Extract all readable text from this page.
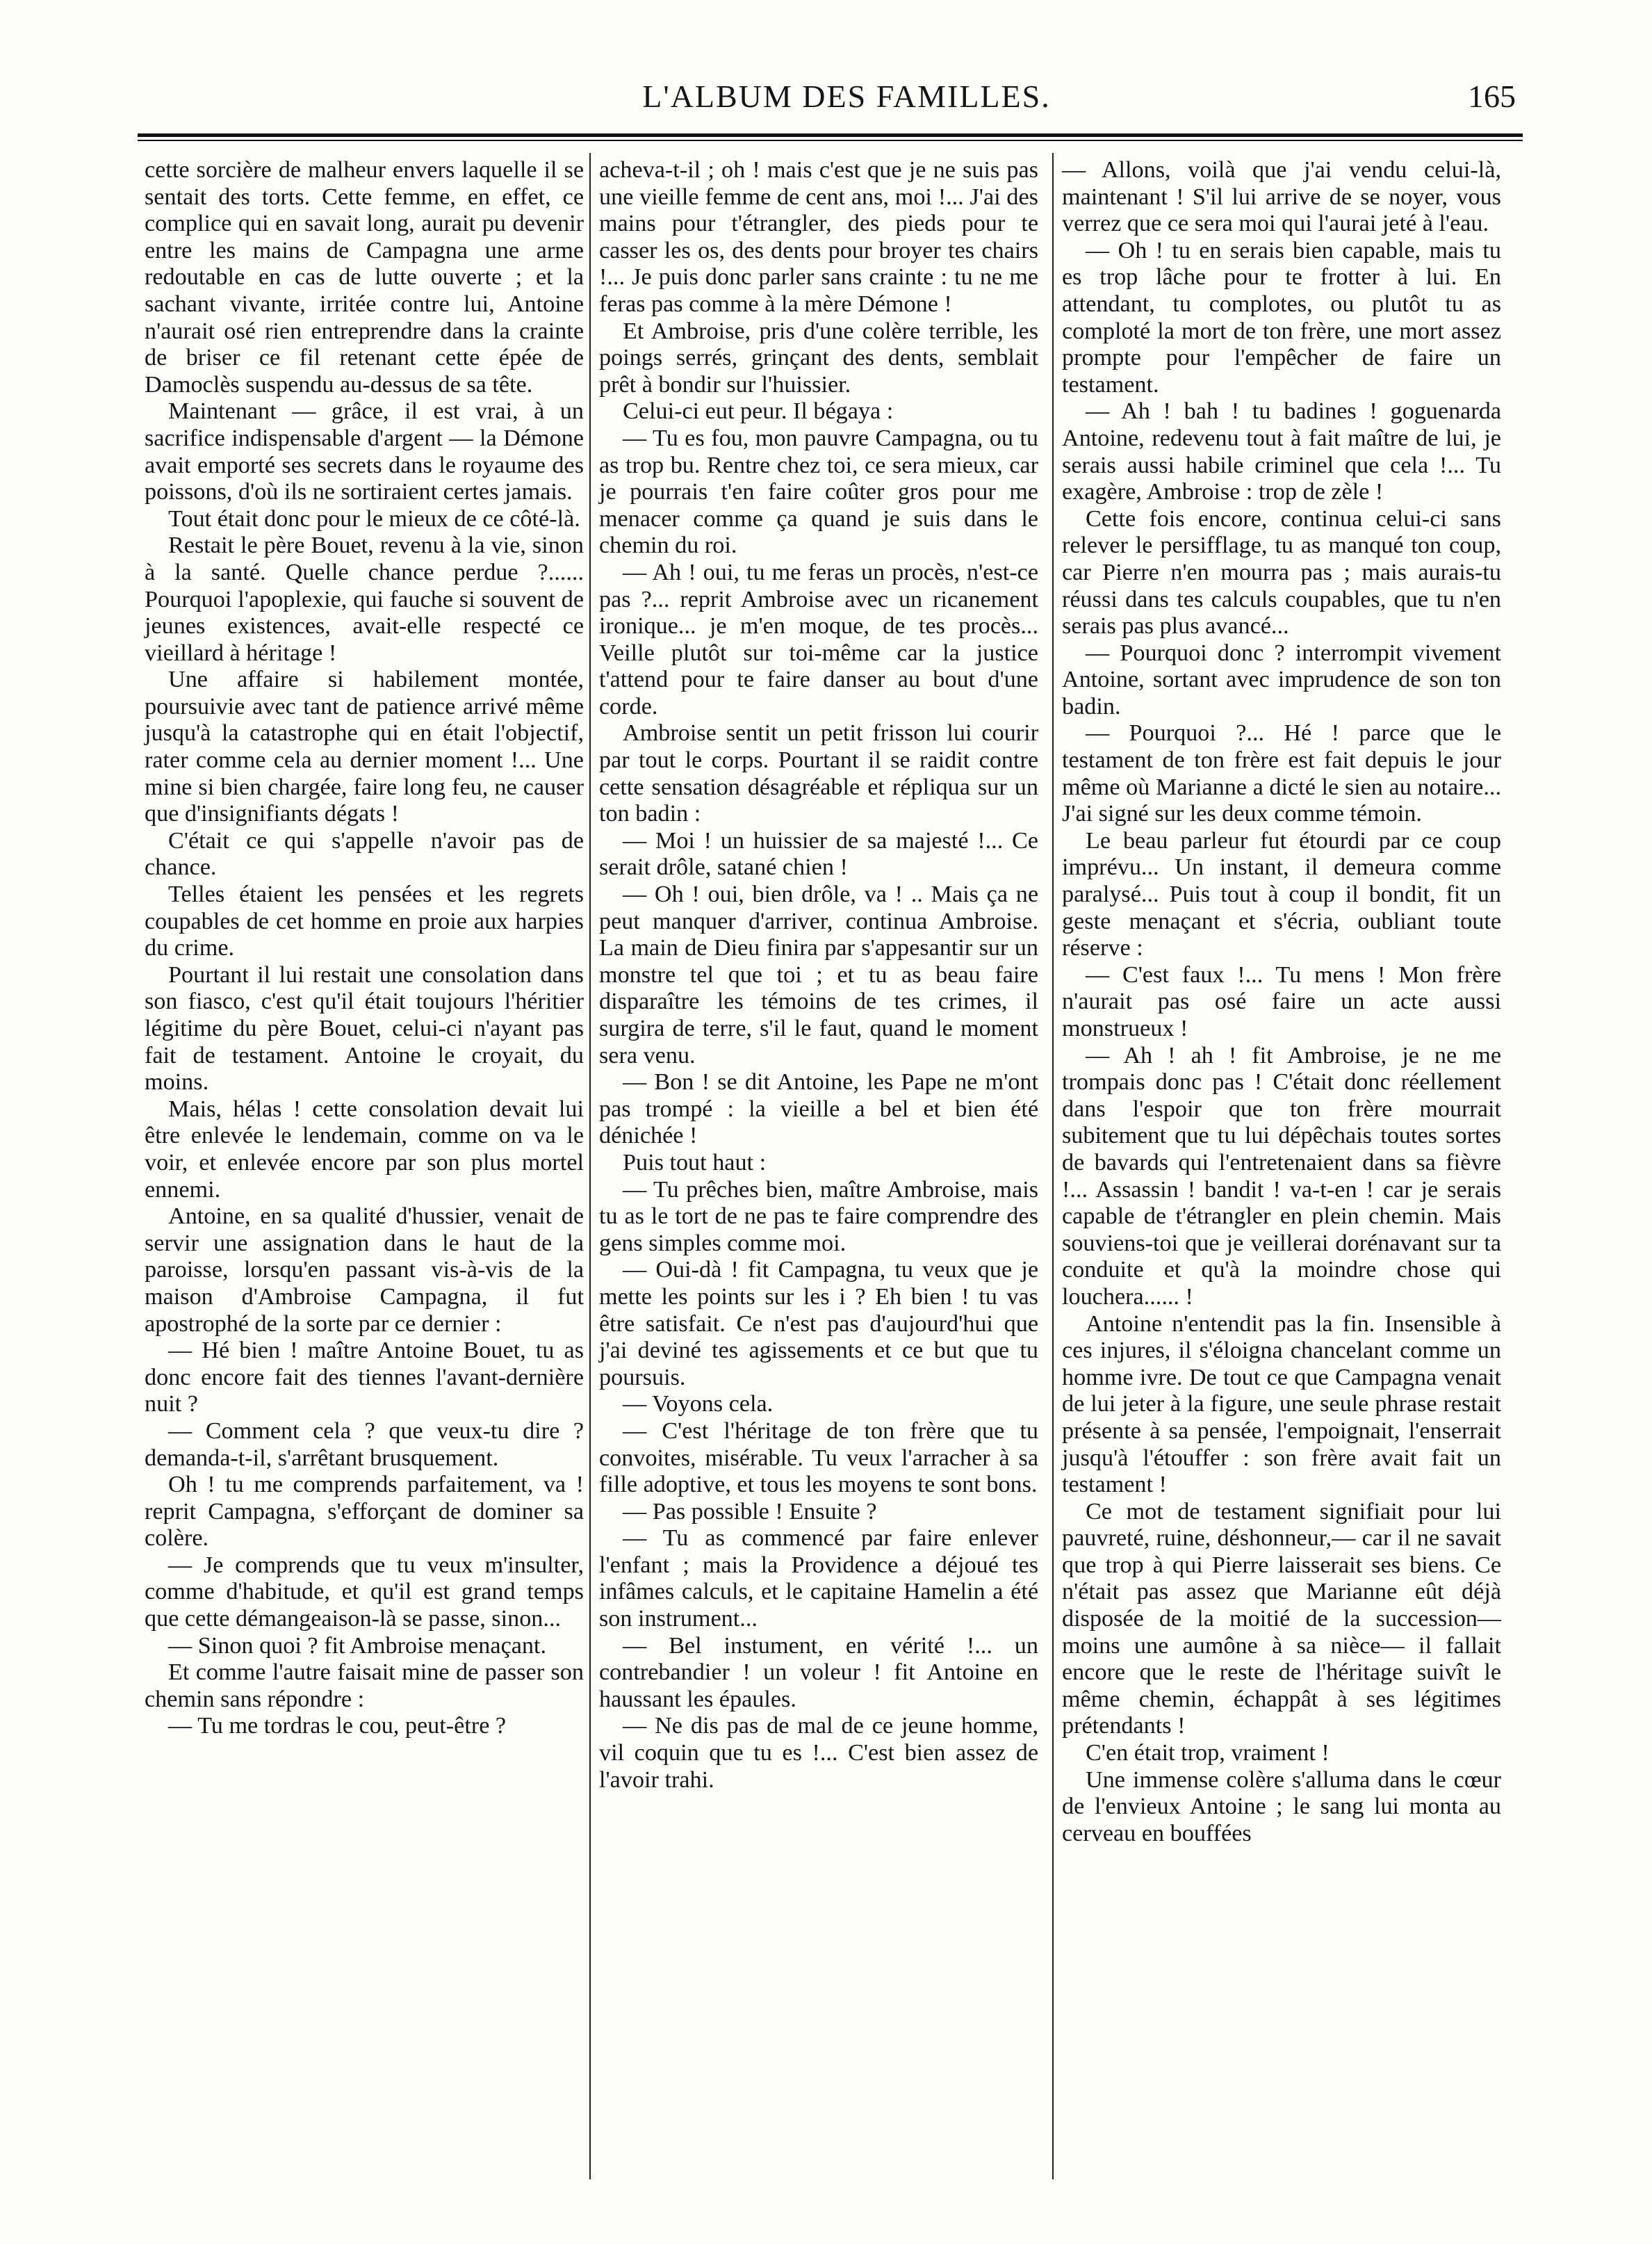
L'ALBUM DES FAMILLES.	165

cette sorcière de malheur envers laquelle il se sentait des torts. Cette femme, en effet, ce complice qui en savait long, aurait pu devenir entre les mains de Campagna une arme redoutable en cas de lutte ouverte ; et la sachant vivante, irritée contre lui, Antoine n'aurait osé rien entreprendre dans la crainte de briser ce fil retenant cette épée de Damoclès suspendu au-dessus de sa tête.

Maintenant — grâce, il est vrai, à un sacrifice indispensable d'argent — la Démone avait emporté ses secrets dans le royaume des poissons, d'où ils ne sortiraient certes jamais.

Tout était donc pour le mieux de ce côté-là.

Restait le père Bouet, revenu à la vie, sinon à la santé. Quelle chance perdue ?...... Pourquoi l'apoplexie, qui fauche si souvent de jeunes existences, avait-elle respecté ce vieillard à héritage !

Une affaire si habilement montée, poursuivie avec tant de patience arrivé même jusqu'à la catastrophe qui en était l'objectif, rater comme cela au dernier moment !... Une mine si bien chargée, faire long feu, ne causer que d'insignifiants dégats !

C'était ce qui s'appelle n'avoir pas de chance.

Telles étaient les pensées et les regrets coupables de cet homme en proie aux harpies du crime.

Pourtant il lui restait une consolation dans son fiasco, c'est qu'il était toujours l'héritier légitime du père Bouet, celui-ci n'ayant pas fait de testament. Antoine le croyait, du moins.

Mais, hélas ! cette consolation devait lui être enlevée le lendemain, comme on va le voir, et enlevée encore par son plus mortel ennemi.

Antoine, en sa qualité d'hussier, venait de servir une assignation dans le haut de la paroisse, lorsqu'en passant vis-à-vis de la maison d'Ambroise Campagna, il fut apostrophé de la sorte par ce dernier :

— Hé bien ! maître Antoine Bouet, tu as donc encore fait des tiennes l'avant-dernière nuit ?

— Comment cela ? que veux-tu dire ? demanda-t-il, s'arrêtant brusquement.

Oh ! tu me comprends parfaitement, va ! reprit Campagna, s'efforçant de dominer sa colère.

— Je comprends que tu veux m'insulter, comme d'habitude, et qu'il est grand temps que cette démangeaison-là se passe, sinon...

— Sinon quoi ? fit Ambroise menaçant.

Et comme l'autre faisait mine de passer son chemin sans répondre :

— Tu me tordras le cou, peut-être ?

acheva-t-il ; oh ! mais c'est que je ne suis pas une vieille femme de cent ans, moi !... J'ai des mains pour t'étrangler, des pieds pour te casser les os, des dents pour broyer tes chairs !... Je puis donc parler sans crainte : tu ne me feras pas comme à la mère Démone !

Et Ambroise, pris d'une colère terrible, les poings serrés, grinçant des dents, semblait prêt à bondir sur l'huissier.

Celui-ci eut peur. Il bégaya :

— Tu es fou, mon pauvre Campagna, ou tu as trop bu. Rentre chez toi, ce sera mieux, car je pourrais t'en faire coûter gros pour me menacer comme ça quand je suis dans le chemin du roi.

— Ah ! oui, tu me feras un procès, n'est-ce pas ?... reprit Ambroise avec un ricanement ironique... je m'en moque, de tes procès... Veille plutôt sur toi-même car la justice t'attend pour te faire danser au bout d'une corde.

Ambroise sentit un petit frisson lui courir par tout le corps. Pourtant il se raidit contre cette sensation désagréable et répliqua sur un ton badin :

— Moi ! un huissier de sa majesté !... Ce serait drôle, satané chien !

— Oh ! oui, bien drôle, va ! .. Mais ça ne peut manquer d'arriver, continua Ambroise. La main de Dieu finira par s'appesantir sur un monstre tel que toi ; et tu as beau faire disparaître les témoins de tes crimes, il surgira de terre, s'il le faut, quand le moment sera venu.

— Bon ! se dit Antoine, les Pape ne m'ont pas trompé : la vieille a bel et bien été dénichée !

Puis tout haut :

— Tu prêches bien, maître Ambroise, mais tu as le tort de ne pas te faire comprendre des gens simples comme moi.

— Oui-dà ! fit Campagna, tu veux que je mette les points sur les i ? Eh bien ! tu vas être satisfait. Ce n'est pas d'aujourd'hui que j'ai deviné tes agissements et ce but que tu poursuis.

— Voyons cela.

— C'est l'héritage de ton frère que tu convoites, misérable. Tu veux l'arracher à sa fille adoptive, et tous les moyens te sont bons.

— Pas possible ! Ensuite ?

— Tu as commencé par faire enlever l'enfant ; mais la Providence a déjoué tes infâmes calculs, et le capitaine Hamelin a été son instrument...

— Bel instument, en vérité !... un contrebandier ! un voleur ! fit Antoine en haussant les épaules.

— Ne dis pas de mal de ce jeune homme, vil coquin que tu es !... C'est bien assez de l'avoir trahi.

— Allons, voilà que j'ai vendu celui-là, maintenant ! S'il lui arrive de se noyer, vous verrez que ce sera moi qui l'aurai jeté à l'eau.

— Oh ! tu en serais bien capable, mais tu es trop lâche pour te frotter à lui. En attendant, tu complotes, ou plutôt tu as comploté la mort de ton frère, une mort assez prompte pour l'empêcher de faire un testament.

— Ah ! bah ! tu badines ! goguenarda Antoine, redevenu tout à fait maître de lui, je serais aussi habile criminel que cela !... Tu exagère, Ambroise : trop de zèle !

Cette fois encore, continua celui-ci sans relever le persifflage, tu as manqué ton coup, car Pierre n'en mourra pas ; mais aurais-tu réussi dans tes calculs coupables, que tu n'en serais pas plus avancé...

— Pourquoi donc ? interrompit vivement Antoine, sortant avec imprudence de son ton badin.

— Pourquoi ?... Hé ! parce que le testament de ton frère est fait depuis le jour même où Marianne a dicté le sien au notaire... J'ai signé sur les deux comme témoin.

Le beau parleur fut étourdi par ce coup imprévu... Un instant, il demeura comme paralysé... Puis tout à coup il bondit, fit un geste menaçant et s'écria, oubliant toute réserve :

— C'est faux !... Tu mens ! Mon frère n'aurait pas osé faire un acte aussi monstrueux !

— Ah ! ah ! fit Ambroise, je ne me trompais donc pas ! C'était donc réellement dans l'espoir que ton frère mourrait subitement que tu lui dépêchais toutes sortes de bavards qui l'entretenaient dans sa fièvre !... Assassin ! bandit ! va-t-en ! car je serais capable de t'étrangler en plein chemin. Mais souviens-toi que je veillerai dorénavant sur ta conduite et qu'à la moindre chose qui louchera...... !

Antoine n'entendit pas la fin. Insensible à ces injures, il s'éloigna chancelant comme un homme ivre. De tout ce que Campagna venait de lui jeter à la figure, une seule phrase restait présente à sa pensée, l'empoignait, l'enserrait jusqu'à l'étouffer : son frère avait fait un testament !

Ce mot de testament signifiait pour lui pauvreté, ruine, déshonneur,— car il ne savait que trop à qui Pierre laisserait ses biens. Ce n'était pas assez que Marianne eût déjà disposée de la moitié de la succession—moins une aumône à sa nièce— il fallait encore que le reste de l'héritage suivît le même chemin, échappât à ses légitimes prétendants !

C'en était trop, vraiment !

Une immense colère s'alluma dans le cœur de l'envieux Antoine ; le sang lui monta au cerveau en bouffées
